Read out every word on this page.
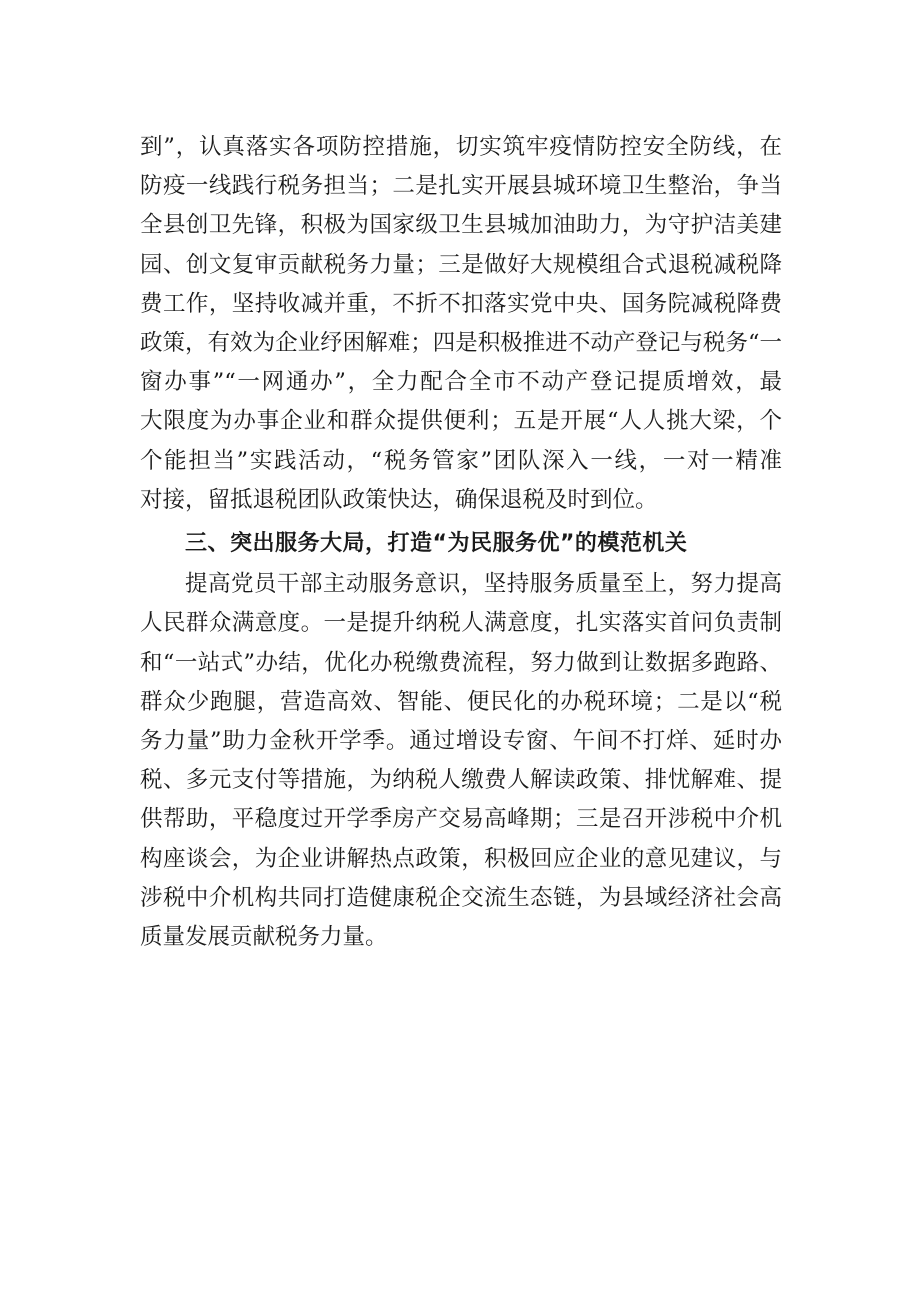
到”，认真落实各项防控措施，切实筑牢疫情防控安全防线，在
防疫一线践行税务担当；二是扎实开展县城环境卫生整治，争当
全县创卫先锋，积极为国家级卫生县城加油助力，为守护洁美建
园、创文复审贡献税务力量；三是做好大规模组合式退税减税降
费工作，坚持收减并重，不折不扣落实党中央、国务院减税降费
政策，有效为企业纾困解难；四是积极推进不动产登记与税务“一
窗办事”“一网通办”，全力配合全市不动产登记提质增效，最
大限度为办事企业和群众提供便利；五是开展“人人挑大梁，个
个能担当”实践活动，“税务管家”团队深入一线，一对一精准
对接，留抵退税团队政策快达，确保退税及时到位。
三、突出服务大局，打造“为民服务优”的模范机关
提高党员干部主动服务意识，坚持服务质量至上，努力提高
人民群众满意度。一是提升纳税人满意度，扎实落实首问负责制
和“一站式”办结，优化办税缴费流程，努力做到让数据多跑路、
群众少跑腿，营造高效、智能、便民化的办税环境；二是以“税
务力量”助力金秋开学季。通过增设专窗、午间不打烊、延时办
税、多元支付等措施，为纳税人缴费人解读政策、排忧解难、提
供帮助，平稳度过开学季房产交易高峰期；三是召开涉税中介机
构座谈会，为企业讲解热点政策，积极回应企业的意见建议，与
涉税中介机构共同打造健康税企交流生态链，为县域经济社会高
质量发展贡献税务力量。
